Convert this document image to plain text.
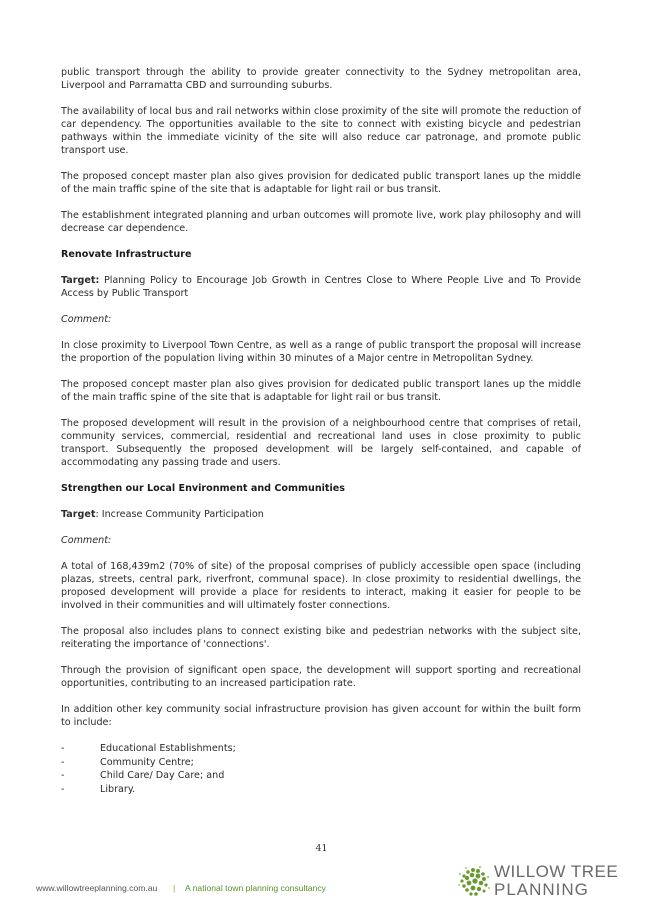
public transport through the ability to provide greater connectivity to the Sydney metropolitan area, Liverpool and Parramatta CBD and surrounding suburbs.

The availability of local bus and rail networks within close proximity of the site will promote the reduction of car dependency. The opportunities available to the site to connect with existing bicycle and pedestrian pathways within the immediate vicinity of the site will also reduce car patronage, and promote public transport use.

The proposed concept master plan also gives provision for dedicated public transport lanes up the middle of the main traffic spine of the site that is adaptable for light rail or bus transit.

The establishment integrated planning and urban outcomes will promote live, work play philosophy and will decrease car dependence.

Renovate Infrastructure

Target: Planning Policy to Encourage Job Growth in Centres Close to Where People Live and To Provide Access by Public Transport

Comment:

In close proximity to Liverpool Town Centre, as well as a range of public transport the proposal will increase the proportion of the population living within 30 minutes of a Major centre in Metropolitan Sydney.

The proposed concept master plan also gives provision for dedicated public transport lanes up the middle of the main traffic spine of the site that is adaptable for light rail or bus transit.

The proposed development will result in the provision of a neighbourhood centre that comprises of retail, community services, commercial, residential and recreational land uses in close proximity to public transport. Subsequently the proposed development will be largely self-contained, and capable of accommodating any passing trade and users.

Strengthen our Local Environment and Communities

Target: Increase Community Participation

Comment:

A total of 168,439m2 (70% of site) of the proposal comprises of publicly accessible open space (including plazas, streets, central park, riverfront, communal space). In close proximity to residential dwellings, the proposed development will provide a place for residents to interact, making it easier for people to be involved in their communities and will ultimately foster connections.

The proposal also includes plans to connect existing bike and pedestrian networks with the subject site, reiterating the importance of 'connections'.

Through the provision of significant open space, the development will support sporting and recreational opportunities, contributing to an increased participation rate.

In addition other key community social infrastructure provision has given account for within the built form to include:

-	Educational Establishments;
-	Community Centre;
-	Child Care/ Day Care; and
-	Library.
41
www.willowtreeplanning.com.au | A national town planning consultancy
WILLOW TREE
PLANNING
